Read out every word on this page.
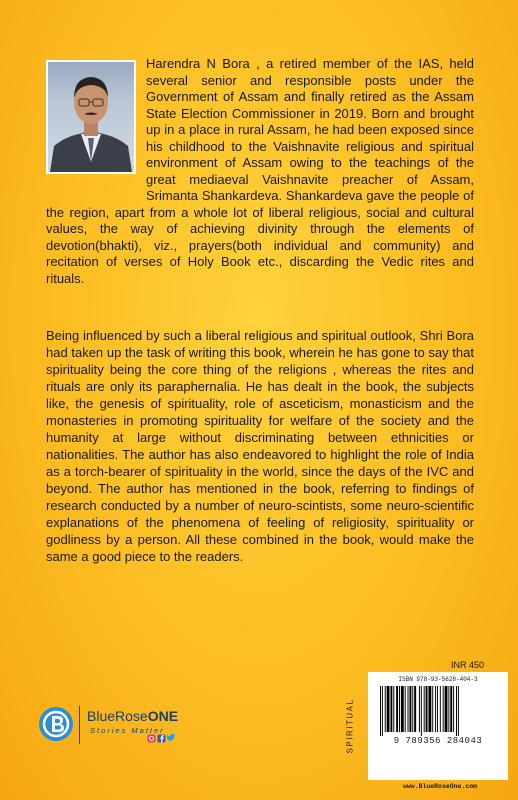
Harendra N Bora , a retired member of the IAS, held several senior and responsible posts under the Government of Assam and finally retired as the Assam State Election Commissioner in 2019. Born and brought up in a place in rural Assam, he had been exposed since his childhood to the Vaishnavite religious and spiritual environment of Assam owing to the teachings of the great mediaeval Vaishnavite preacher of Assam, Srimanta Shankardeva. Shankardeva gave the people of the region, apart from a whole lot of liberal religious, social and cultural values, the way of achieving divinity through the elements of devotion(bhakti), viz., prayers(both individual and community) and recitation of verses of Holy Book etc., discarding the Vedic rites and rituals.

Being influenced by such a liberal religious and spiritual outlook, Shri Bora had taken up the task of writing this book, wherein he has gone to say that spirituality being the core thing of the religions , whereas the rites and rituals are only its paraphernalia. He has dealt in the book, the subjects like, the genesis of spirituality, role of asceticism, monasticism and the monasteries in promoting spirituality for welfare of the society and the humanity at large without discriminating between ethnicities or nationalities. The author has also endeavored to highlight the role of India as a torch-bearer of spirituality in the world, since the days of the IVC and beyond. The author has mentioned in the book, referring to findings of research conducted by a number of neuro-scintists, some neuro-scientific explanations of the phenomena of feeling of religiosity, spirituality or godliness by a person. All these combined in the book, would make the same a good piece to the readers.

INR 450
SPIRITUAL
ISBN 978-93-5628-404-3
9 789356 284043
www.BlueRoseOne.com
BlueRoseONE
Stories Matter
